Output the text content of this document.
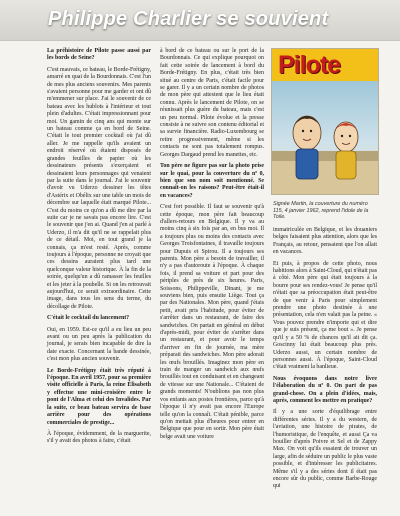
Philippe Charlier se souvient

La préhistoire de Pilote passe aussi par les bords de Seine?

C'est mauvais, ce bateau, le Borde-Frétigny, amarré en quai de la Bourdonnais. C'est l'un de mes plus anciens souvenirs. Mes parents s'avaient personne pour me garder et ont dû m'emmener sur place. J'ai le souvenir de ce bateau avec les hublots à l'intérieur et tout plein d'adultes. C'était impressionnant pour moi. Un gamin de cinq ans qui monte sur un bateau comme ça en bord de Seine. C'était le tout premier cocktail où j'ai dû aller. Je me rappelle qu'ils avaient un endroit réservé où étaient disposés de grandes feuilles de papier où les dessinateurs présents s'exerçaient et dessinaient leurs personnages qui venaient par la suite dans le journal. J'ai le souvenir d'avoir vu Uderzo dessiner les têtes d'Astérix et Obélix sur une table un mois de décembre sur laquelle était marqué Pilote... C'est du moins ce qu'on a dû me dire par la suite car je ne savais pas encore lire. C'est le souvenir que j'en ai. Quand j'en ai parlé à Uderzo, il m'a dit qu'il ne se rappelait plus de ce détail. Moi, en tout grand je la connais, ça m'est resté. Après, comme toujours à l'époque, personne ne croyait que ces dessins auraient plus tard une quelconque valeur historique. À la fin de la soirée, quelqu'un a dû ramasser les feuilles et les jeter à la poubelle. Si on les retrouvait aujourd'hui, ce serait extraordinaire. Cette image, dans tous les sens du terme, du décollage de Pilote.

C'était le cocktail du lancement?

Oui, en 1959. Est-ce qu'il a eu lieu un peu avant ou un peu après la publication du journal, je serais bien incapable de dire la date exacte. Concernant la bande dessinée, c'est mon plus ancien souvenir.

Le Borde-Frétigny était très réputé à l'époque. En avril 1957, pour sa première visite officielle à Paris, la reine Élisabeth y effectue une mini-croisière entre le pont de l'Alma et celui des Invalides. Par la suite, ce beau bateau servira de base arrière pour des opérations commerciales de prestige...

À l'époque, évidemment, de la marguerite, s'il y avait des photos à faire, c'était

à bord de ce bateau ou sur le port de la Bourdonnais. Ce qui explique pourquoi on fait cette soirée de lancement à bord du Borde-Frétigny. En plus, c'était très bien situé au centre de Paris, c'était facile pour se garer. Il y a un certain nombre de photos de mon père qui attestent que le lieu était connu. Après le lancement de Pilote, on se réunissait plus guère du bateau, mais c'est un peu normal. Pilote évolue et la presse consiste à ne suivre son contenu éditorial et sa survie financière. Radio-Luxembourg se retire progressivement, même si les contacts ne sont pas totalement rompus. Georges Dargaud prend les manettes, etc.

Ton père ne figure pas sur la photo prise sur le quai, pour la couverture du nº 0, bien que son nom soit mentionné. Se connaît-on les raisons? Peut-être était-il en vacances?

C'est fort possible. Il faut se souvenir qu'à cette époque, mon père fait beaucoup d'allers-retours en Belgique. Il y va au moins cinq à six fois par an, en bus moi. Il a toujours plus ou moins des contacts avec Georges Troisfontaines, il travaille toujours pour Dupuis et Spirou. Il a toujours ses parents. Mon père a besoin de travailler, il n'y a pas d'autoroute à l'époque. À chaque fois, il prend sa voiture et part pour des périples de près de six heures. Paris, Soissons, Philippeville, Dinant, je me souviens bien, puis ensuite Liège. Tout ça par des Nationales. Mon père, quand j'étais petit, avait pris l'habitude, pour éviter de s'arrêter dans un restaurant, de faire des sandwiches. On partait en général en début d'après-midi, pour éviter de s'arrêter dans un restaurant, et pour avoir le temps d'arriver en fin de journée, ma mère préparait des sandwiches. Mon père adorait les œufs brouillés. Imaginez mon père en train de manger un sandwich aux œufs brouillés tout en conduisant et en changeant de vitesse sur une Nationale... C'étaient de grands moments! N'oublions pas non plus vos enfants aux postes frontières, parce qu'à l'époque il n'y avait pas encore l'Europe telle qu'on la connaît. C'était pénible, parce qu'on mettait plus d'heures pour entrer en Belgique que pour en sortir. Mon père était belge avait une voiture

Pilote
Signée Martin, la couverture du numéro 115, 4 janvier 1962, reprend l'idole de la Toile.

immatriculée en Belgique, et les douaniers belges faisaient plus attention, alors que les Français, au retour, pensaient que l'on allait en vacances.

Et puis, à propos de cette photo, nous habitions alors à Saint-Cloud, qui n'était pas à côté. Mon père qui était toujours à la bourre pour ses rendez-vous! Je pense qu'il n'était que sa préoccupation était peut-être de que venir à Paris pour simplement prendre une photo destinée à une présentation, cela n'en valait pas la peine. « Vous pouvez prendre n'importe qui et dire que je suis présent, ça me bout ». Je pense qu'il y a 50 % de chances qu'il ait dit ça. Goscinny lui était beaucoup plus près. Uderzo aussi, un certain nombre de personnes aussi. À l'époque, Saint-Cloud c'était vraiment la banlieue.

Nous évoquons dans notre livre l'élaboration du nº 0. On part de pas grand-chose. On a plein d'idées, mais, après, comment les mettre en pratique?

Il y a une sorte d'équilibrage entre différentes séries. Il y a du western, de l'aviation, une histoire de pirates, de l'humoristique, de l'enquête, et aussi Ça va bouiller d'après Poivre et Sel et de Zappy Max. On voit qu'ils essaient de trouver un large, afin de séduire un public le plus vaste possible, et d'intéresser les publicitaires. Même s'il y a des séries dont il était pas encore sûr du public, comme Barbe-Rouge qui
